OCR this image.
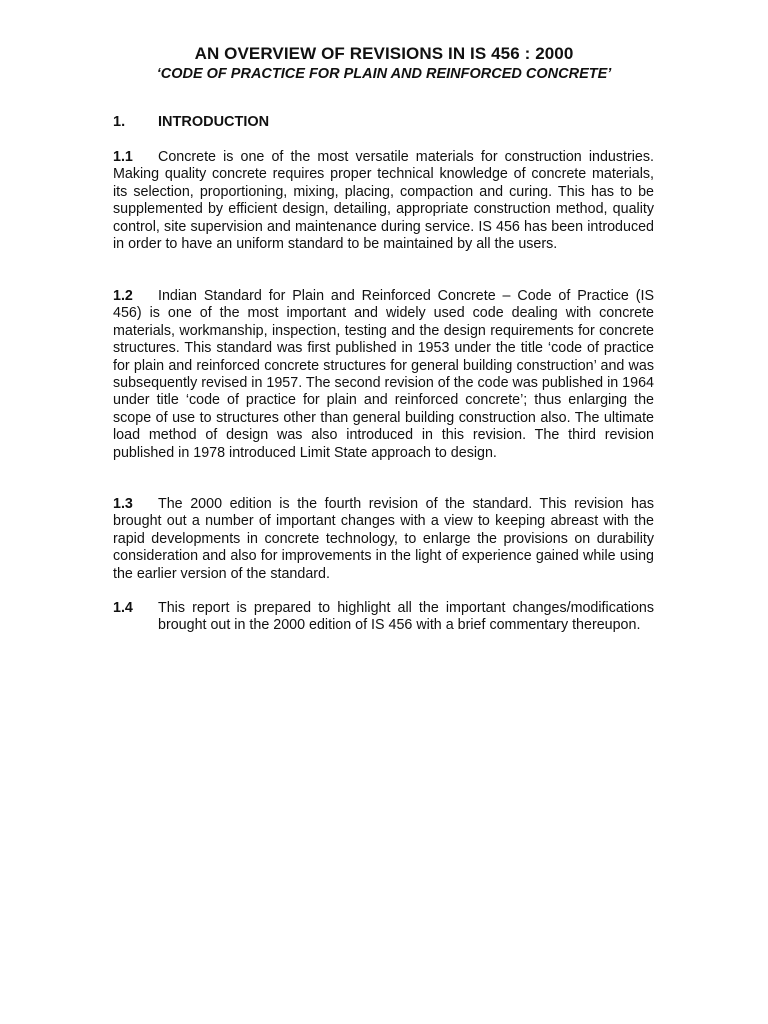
AN OVERVIEW OF REVISIONS IN IS 456 : 2000
‘CODE OF PRACTICE FOR PLAIN AND REINFORCED CONCRETE’
1. INTRODUCTION

1.1 Concrete is one of the most versatile materials for construction industries. Making quality concrete requires proper technical knowledge of concrete materials, its selection, proportioning, mixing, placing, compaction and curing. This has to be supplemented by efficient design, detailing, appropriate construction method, quality control, site supervision and maintenance during service. IS 456 has been introduced in order to have an uniform standard to be maintained by all the users.

1.2 Indian Standard for Plain and Reinforced Concrete – Code of Practice (IS 456) is one of the most important and widely used code dealing with concrete materials, workmanship, inspection, testing and the design requirements for concrete structures. This standard was first published in 1953 under the title ‘code of practice for plain and reinforced concrete structures for general building construction’ and was subsequently revised in 1957. The second revision of the code was published in 1964 under title ‘code of practice for plain and reinforced concrete’; thus enlarging the scope of use to structures other than general building construction also. The ultimate load method of design was also introduced in this revision. The third revision published in 1978 introduced Limit State approach to design.

1.3 The 2000 edition is the fourth revision of the standard. This revision has brought out a number of important changes with a view to keeping abreast with the rapid developments in concrete technology, to enlarge the provisions on durability consideration and also for improvements in the light of experience gained while using the earlier version of the standard.

1.4 This report is prepared to highlight all the important changes/modifications brought out in the 2000 edition of IS 456 with a brief commentary thereupon.
